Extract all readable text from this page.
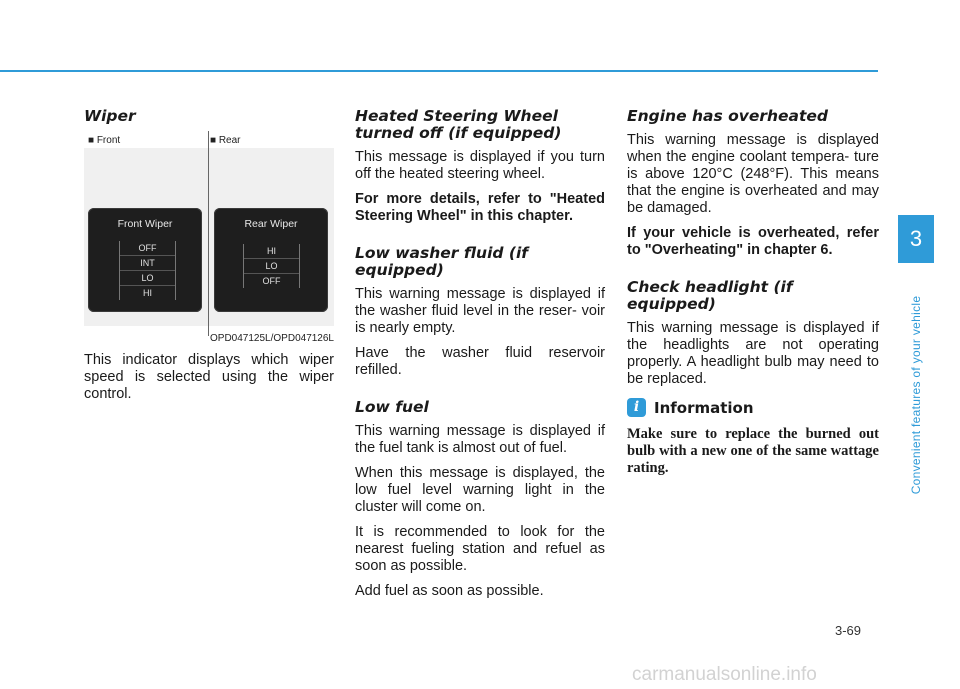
Wiper
■ Front	■ Rear
Front Wiper
OFF
INT
LO
HI
Rear Wiper
HI
LO
OFF
OPD047125L/OPD047126L

This indicator displays which wiper speed is selected using the wiper control.

Heated Steering Wheel turned off (if equipped)

This message is displayed if you turn off the heated steering wheel.

For more details, refer to "Heated Steering Wheel" in this chapter.

Low washer fluid (if equipped)

This warning message is displayed if the washer fluid level in the reser- voir is nearly empty.

Have the washer fluid reservoir refilled.

Low fuel

This warning message is displayed if the fuel tank is almost out of fuel.

When this message is displayed, the low fuel level warning light in the cluster will come on.

It is recommended to look for the nearest fueling station and refuel as soon as possible.

Add fuel as soon as possible.

Engine has overheated

This warning message is displayed when the engine coolant tempera- ture is above 120°C (248°F). This means that the engine is overheated and may be damaged.

If your vehicle is overheated, refer to "Overheating" in chapter 6.

Check headlight (if equipped)

This warning message is displayed if the headlights are not operating properly. A headlight bulb may need to be replaced.

i Information

Make sure to replace the burned out bulb with a new one of the same wattage rating.

3
Convenient features of your vehicle
3-69
carmanualsonline.info
